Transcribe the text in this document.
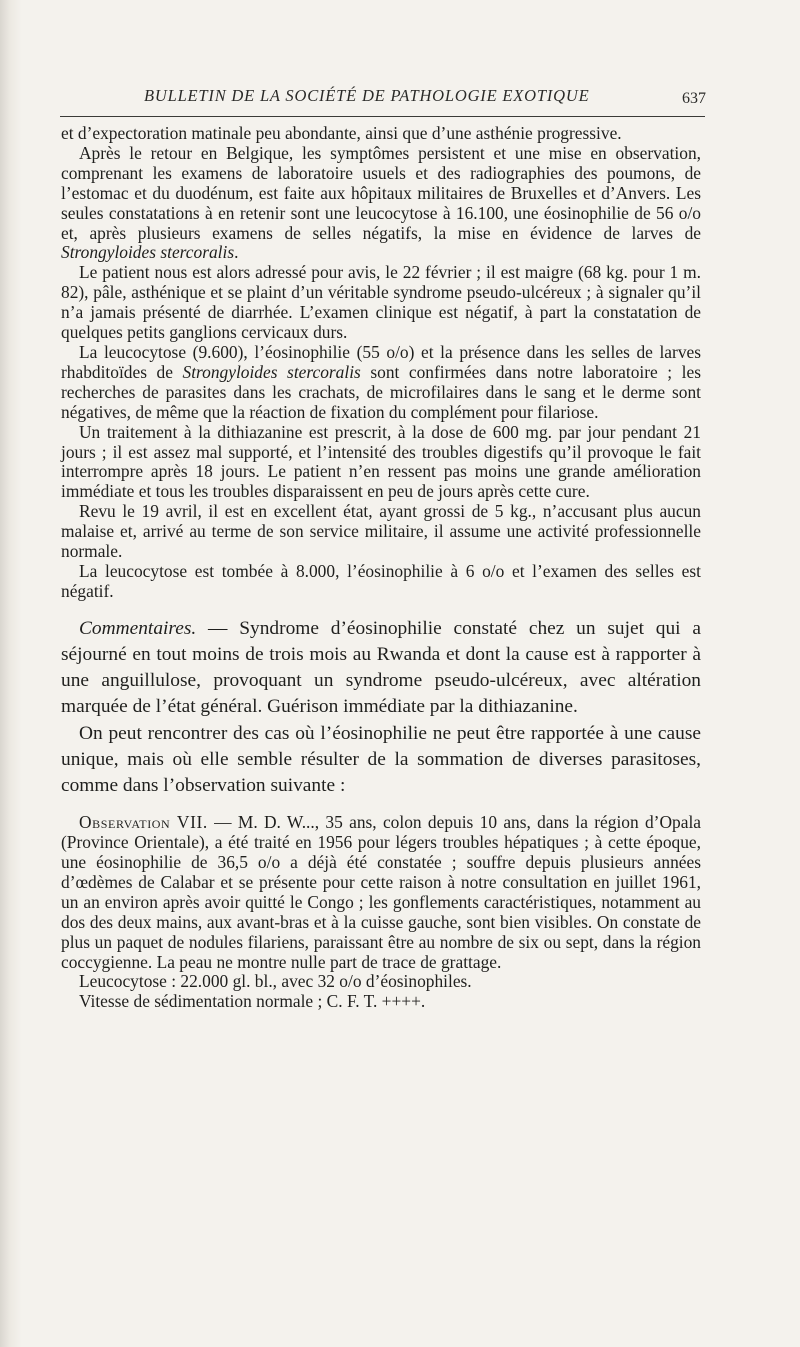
BULLETIN DE LA SOCIÉTÉ DE PATHOLOGIE EXOTIQUE	637

et d’expectoration matinale peu abondante, ainsi que d’une asthénie progressive.

Après le retour en Belgique, les symptômes persistent et une mise en observation, comprenant les examens de laboratoire usuels et des radiographies des poumons, de l’estomac et du duodénum, est faite aux hôpitaux militaires de Bruxelles et d’Anvers. Les seules constatations à en retenir sont une leucocytose à 16.100, une éosinophilie de 56 o/o et, après plusieurs examens de selles négatifs, la mise en évidence de larves de Strongyloides stercoralis.

Le patient nous est alors adressé pour avis, le 22 février ; il est maigre (68 kg. pour 1 m. 82), pâle, asthénique et se plaint d’un véritable syndrome pseudo-ulcéreux ; à signaler qu’il n’a jamais présenté de diarrhée. L’examen clinique est négatif, à part la constatation de quelques petits ganglions cervicaux durs.

La leucocytose (9.600), l’éosinophilie (55 o/o) et la présence dans les selles de larves rhabditoïdes de Strongyloides stercoralis sont confirmées dans notre laboratoire ; les recherches de parasites dans les crachats, de microfilaires dans le sang et le derme sont négatives, de même que la réaction de fixation du complément pour filariose.

Un traitement à la dithiazanine est prescrit, à la dose de 600 mg. par jour pendant 21 jours ; il est assez mal supporté, et l’intensité des troubles digestifs qu’il provoque le fait interrompre après 18 jours. Le patient n’en ressent pas moins une grande amélioration immédiate et tous les troubles disparaissent en peu de jours après cette cure.

Revu le 19 avril, il est en excellent état, ayant grossi de 5 kg., n’accusant plus aucun malaise et, arrivé au terme de son service militaire, il assume une activité professionnelle normale.

La leucocytose est tombée à 8.000, l’éosinophilie à 6 o/o et l’examen des selles est négatif.

Commentaires. — Syndrome d’éosinophilie constaté chez un sujet qui a séjourné en tout moins de trois mois au Rwanda et dont la cause est à rapporter à une anguillulose, provoquant un syndrome pseudo-ulcéreux, avec altération marquée de l’état général. Guérison immédiate par la dithiazanine.

On peut rencontrer des cas où l’éosinophilie ne peut être rapportée à une cause unique, mais où elle semble résulter de la sommation de diverses parasitoses, comme dans l’observation suivante :

Observation VII. — M. D. W..., 35 ans, colon depuis 10 ans, dans la région d’Opala (Province Orientale), a été traité en 1956 pour légers troubles hépatiques ; à cette époque, une éosinophilie de 36,5 o/o a déjà été constatée ; souffre depuis plusieurs années d’œdèmes de Calabar et se présente pour cette raison à notre consultation en juillet 1961, un an environ après avoir quitté le Congo ; les gonflements caractéristiques, notamment au dos des deux mains, aux avant-bras et à la cuisse gauche, sont bien visibles. On constate de plus un paquet de nodules filariens, paraissant être au nombre de six ou sept, dans la région coccygienne. La peau ne montre nulle part de trace de grattage.

Leucocytose : 22.000 gl. bl., avec 32 o/o d’éosinophiles.

Vitesse de sédimentation normale ; C. F. T. ++++.
